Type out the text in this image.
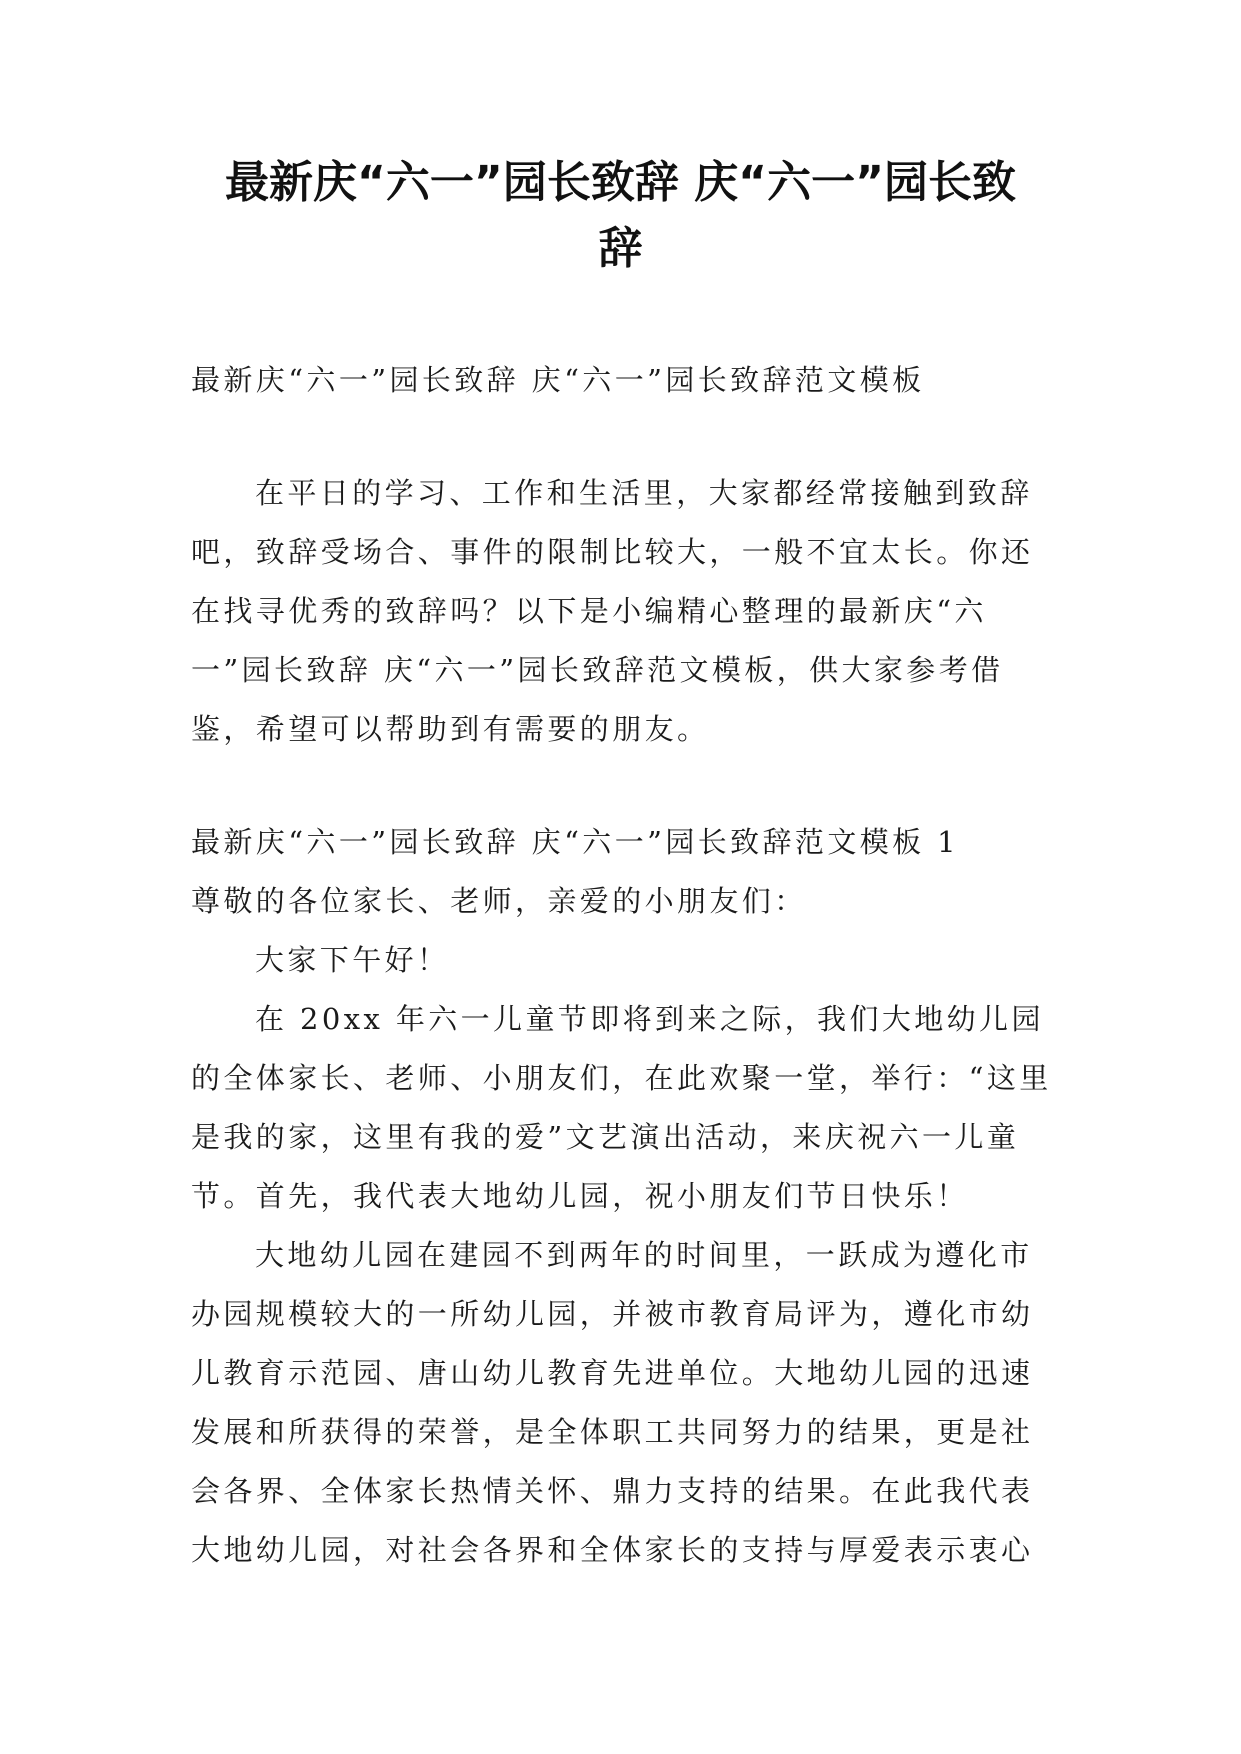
最新庆“六一”园长致辞 庆“六一”园长致
辞

最新庆“六一”园长致辞 庆“六一”园长致辞范文模板

在平日的学习、工作和生活里，大家都经常接触到致辞吧，致辞受场合、事件的限制比较大，一般不宜太长。你还在找寻优秀的致辞吗？以下是小编精心整理的最新庆“六一”园长致辞 庆“六一”园长致辞范文模板，供大家参考借鉴，希望可以帮助到有需要的朋友。

最新庆“六一”园长致辞 庆“六一”园长致辞范文模板 1

尊敬的各位家长、老师，亲爱的小朋友们：

大家下午好！

在 20xx 年六一儿童节即将到来之际，我们大地幼儿园的全体家长、老师、小朋友们，在此欢聚一堂，举行：“这里是我的家，这里有我的爱”文艺演出活动，来庆祝六一儿童节。首先，我代表大地幼儿园，祝小朋友们节日快乐！

大地幼儿园在建园不到两年的时间里，一跃成为遵化市办园规模较大的一所幼儿园，并被市教育局评为，遵化市幼儿教育示范园、唐山幼儿教育先进单位。大地幼儿园的迅速发展和所获得的荣誉，是全体职工共同努力的结果，更是社会各界、全体家长热情关怀、鼎力支持的结果。在此我代表大地幼儿园，对社会各界和全体家长的支持与厚爱表示衷心
